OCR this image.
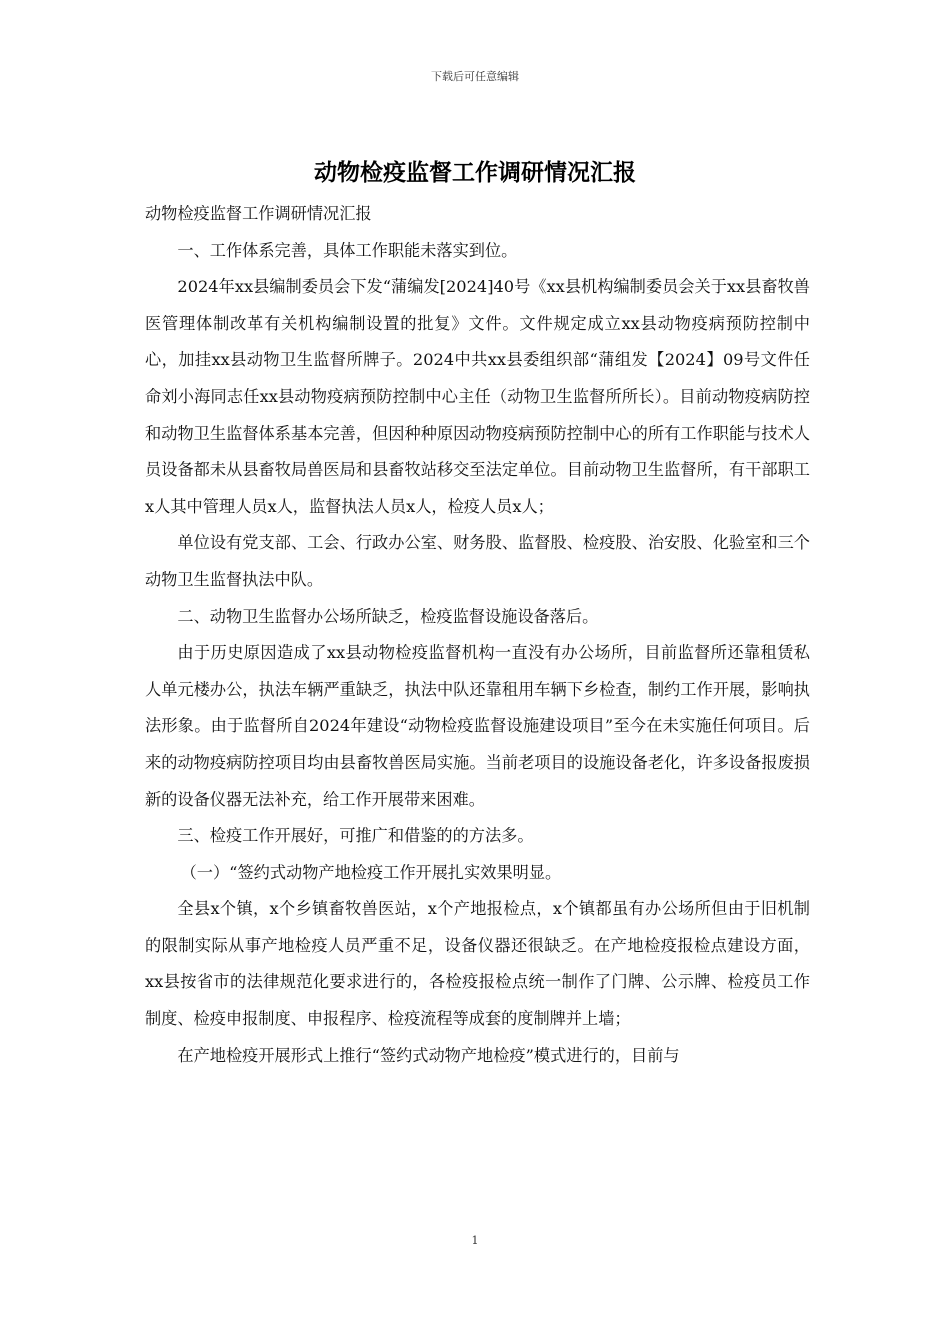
下载后可任意编辑
动物检疫监督工作调研情况汇报

动物检疫监督工作调研情况汇报

一、工作体系完善，具体工作职能未落实到位。

2024年xx县编制委员会下发“蒲编发[2024]40号《xx县机构编制委员会关于xx县畜牧兽医管理体制改革有关机构编制设置的批复》文件。文件规定成立xx县动物疫病预防控制中心，加挂xx县动物卫生监督所牌子。2024中共xx县委组织部“蒲组发【2024】09号文件任命刘小海同志任xx县动物疫病预防控制中心主任（动物卫生监督所所长）。目前动物疫病防控和动物卫生监督体系基本完善，但因种种原因动物疫病预防控制中心的所有工作职能与技术人员设备都未从县畜牧局兽医局和县畜牧站移交至法定单位。目前动物卫生监督所，有干部职工x人其中管理人员x人，监督执法人员x人，检疫人员x人；

单位设有党支部、工会、行政办公室、财务股、监督股、检疫股、治安股、化验室和三个动物卫生监督执法中队。

二、动物卫生监督办公场所缺乏，检疫监督设施设备落后。

由于历史原因造成了xx县动物检疫监督机构一直没有办公场所，目前监督所还靠租赁私人单元楼办公，执法车辆严重缺乏，执法中队还靠租用车辆下乡检查，制约工作开展，影响执法形象。由于监督所自2024年建设“动物检疫监督设施建设项目”至今在未实施任何项目。后来的动物疫病防控项目均由县畜牧兽医局实施。当前老项目的设施设备老化，许多设备报废损新的设备仪器无法补充，给工作开展带来困难。

三、检疫工作开展好，可推广和借鉴的的方法多。

（一）“签约式动物产地检疫工作开展扎实效果明显。

全县x个镇，x个乡镇畜牧兽医站，x个产地报检点，x个镇都虽有办公场所但由于旧机制的限制实际从事产地检疫人员严重不足，设备仪器还很缺乏。在产地检疫报检点建设方面，xx县按省市的法律规范化要求进行的，各检疫报检点统一制作了门牌、公示牌、检疫员工作制度、检疫申报制度、申报程序、检疫流程等成套的度制牌并上墙；

在产地检疫开展形式上推行“签约式动物产地检疫”模式进行的，目前与

1
